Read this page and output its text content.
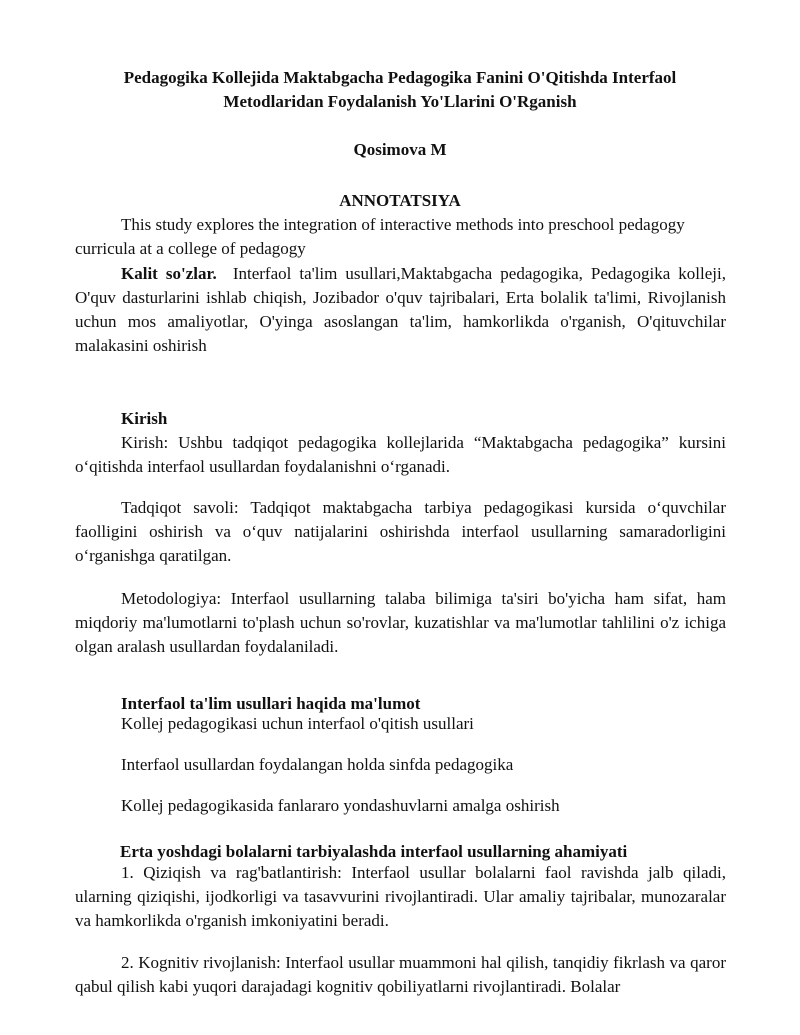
Pedagogika Kollejida Maktabgacha Pedagogika Fanini O'Qitishda Interfaol
Metodlaridan Foydalanish Yo'Llarini O'Rganish

Qosimova M

ANNOTATSIYA

This study explores the integration of interactive methods into preschool pedagogy curricula at a college of pedagogy

Kalit so'zlar. Interfaol ta'lim usullari,Maktabgacha pedagogika, Pedagogika kolleji, O'quv dasturlarini ishlab chiqish, Jozibador o'quv tajribalari, Erta bolalik ta'limi, Rivojlanish uchun mos amaliyotlar, O'yinga asoslangan ta'lim, hamkorlikda o'rganish, O'qituvchilar malakasini oshirish

Kirish

Kirish: Ushbu tadqiqot pedagogika kollejlarida “Maktabgacha pedagogika” kursini o‘qitishda interfaol usullardan foydalanishni o‘rganadi.

Tadqiqot savoli: Tadqiqot maktabgacha tarbiya pedagogikasi kursida o‘quvchilar faolligini oshirish va o‘quv natijalarini oshirishda interfaol usullarning samaradorligini o‘rganishga qaratilgan.

Metodologiya: Interfaol usullarning talaba bilimiga ta'siri bo'yicha ham sifat, ham miqdoriy ma'lumotlarni to'plash uchun so'rovlar, kuzatishlar va ma'lumotlar tahlilini o'z ichiga olgan aralash usullardan foydalaniladi.

Interfaol ta'lim usullari haqida ma'lumot

Kollej pedagogikasi uchun interfaol o'qitish usullari

Interfaol usullardan foydalangan holda sinfda pedagogika

Kollej pedagogikasida fanlararo yondashuvlarni amalga oshirish

Erta yoshdagi bolalarni tarbiyalashda interfaol usullarning ahamiyati

1. Qiziqish va rag'batlantirish: Interfaol usullar bolalarni faol ravishda jalb qiladi, ularning qiziqishi, ijodkorligi va tasavvurini rivojlantiradi. Ular amaliy tajribalar, munozaralar va hamkorlikda o'rganish imkoniyatini beradi.

2. Kognitiv rivojlanish: Interfaol usullar muammoni hal qilish, tanqidiy fikrlash va qaror qabul qilish kabi yuqori darajadagi kognitiv qobiliyatlarni rivojlantiradi. Bolalar
